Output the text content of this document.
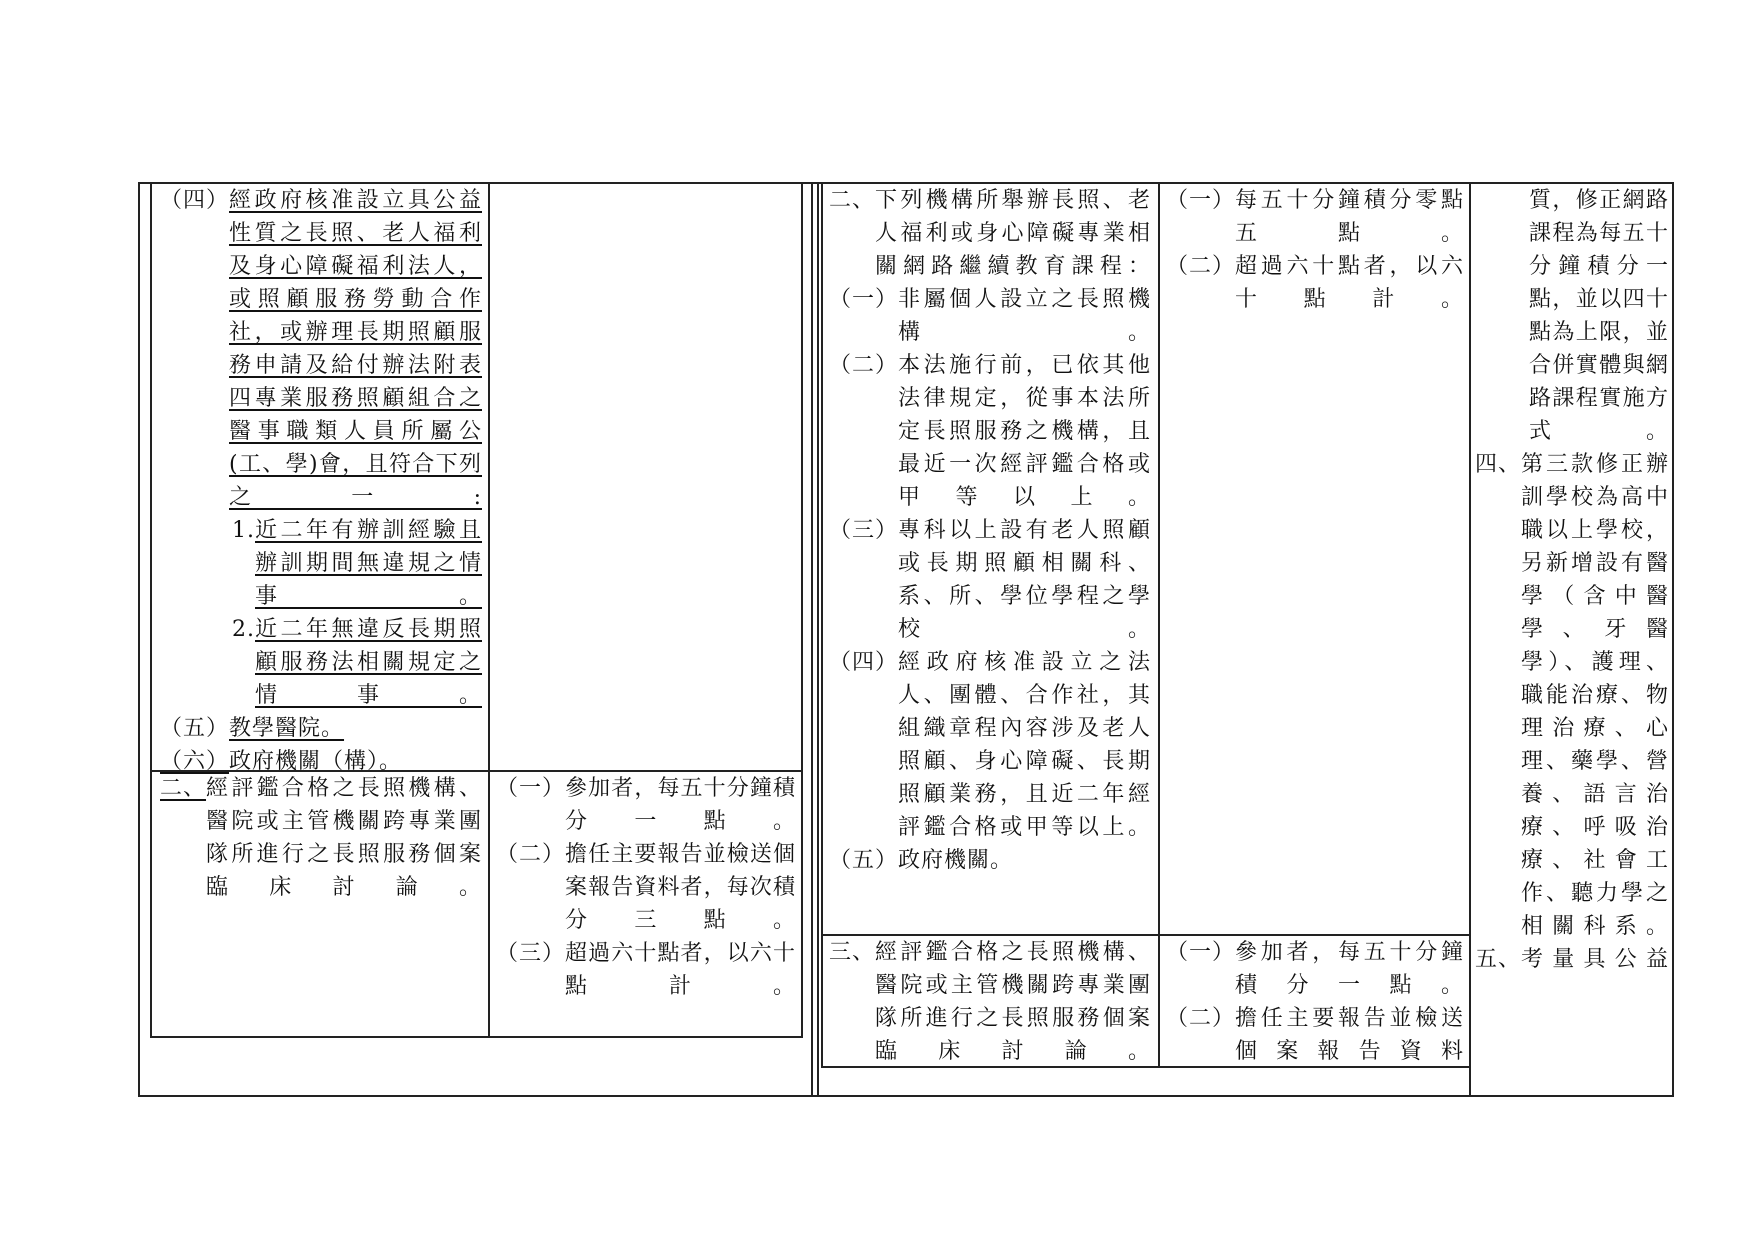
（四） 經政府核准設立具公益性質之長照、老人福利及身心障礙福利法人，或照顧服務勞動合作社，或辦理長期照顧服務申請及給付辦法附表四專業服務照顧組合之醫事職類人員所屬公(工、學)會，且符合下列之一:
1. 近二年有辦訓經驗且辦訓期間無違規之情事。
2. 近二年無違反長期照顧服務法相關規定之情事。
（五） 教學醫院。
（六） 政府機關（構）。
二、 經評鑑合格之長照機構、醫院或主管機關跨專業團隊所進行之長照服務個案臨床討論。
（一） 參加者，每五十分鐘積分一點。
（二） 擔任主要報告並檢送個案報告資料者，每次積分三點。
（三） 超過六十點者，以六十點計。
二、 下列機構所舉辦長照、老人福利或身心障礙專業相關網路繼續教育課程：
（一） 非屬個人設立之長照機構。
（二） 本法施行前，已依其他法律規定，從事本法所定長照服務之機構，且最近一次經評鑑合格或甲等以上。
（三） 專科以上設有老人照顧或長期照顧相關科、系、所、學位學程之學校。
（四） 經政府核准設立之法人、團體、合作社，其組織章程內容涉及老人照顧、身心障礙、長期照顧業務，且近二年經評鑑合格或甲等以上。
（五） 政府機關。
（一） 每五十分鐘積分零點五點。
（二） 超過六十點者，以六十點計。
三、 經評鑑合格之長照機構、醫院或主管機關跨專業團隊所進行之長照服務個案臨床討論。
（一） 參加者，每五十分鐘積分一點。
（二） 擔任主要報告並檢送個案報告資料
質，修正網路課程為每五十分鐘積分一點，並以四十點為上限，並合併實體與網路課程實施方式。
四、 第三款修正辦訓學校為高中職以上學校，另新增設有醫學（含中醫學、牙醫學）、護理、職能治療、物理治療、心理、藥學、營養、語言治療、呼吸治療、社會工作、聽力學之相關科系。
五、 考量具公益
